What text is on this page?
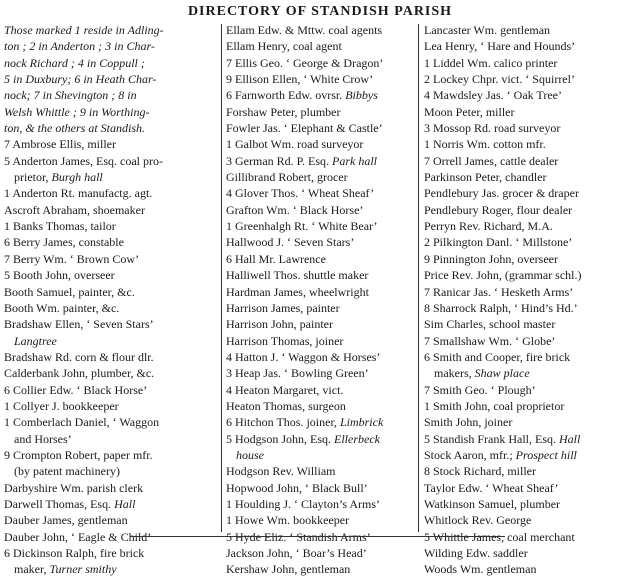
DIRECTORY OF STANDISH PARISH
Those marked 1 reside in Adling-
ton ; 2 in Anderton ; 3 in Char-
nock Richard ; 4 in Coppull ;
5 in Duxbury; 6 in Heath Char-
nock; 7 in Shevington ; 8 in
Welsh Whittle ; 9 in Worthing-
ton, & the others at Standish.
7 Ambrose Ellis, miller
5 Anderton James, Esq. coal pro-
prietor, Burgh hall
1 Anderton Rt. manufactg. agt.
Ascroft Abraham, shoemaker
1 Banks Thomas, tailor
6 Berry James, constable
7 Berry Wm. ‘ Brown Cow’
5 Booth John, overseer
Booth Samuel, painter, &c.
Booth Wm. painter, &c.
Bradshaw Ellen, ‘ Seven Stars’
Langtree
Bradshaw Rd. corn & flour dlr.
Calderbank John, plumber, &c.
6 Collier Edw. ‘ Black Horse’
1 Collyer J. bookkeeper
1 Comberlach Daniel, ‘ Waggon
and Horses’
9 Crompton Robert, paper mfr.
(by patent machinery)
Darbyshire Wm. parish clerk
Darwell Thomas, Esq. Hall
Dauber James, gentleman
Dauber John, ‘ Eagle & Child’
6 Dickinson Ralph, fire brick
maker, Turner smithy
Ellam Edw. & Mttw. coal agents
Ellam Henry, coal agent
7 Ellis Geo. ‘ George & Dragon’
9 Ellison Ellen, ‘ White Crow’
6 Farnworth Edw. ovrsr. Bibbys
Forshaw Peter, plumber
Fowler Jas. ‘ Elephant & Castle’
1 Galbot Wm. road surveyor
3 German Rd. P. Esq. Park hall
Gillibrand Robert, grocer
4 Glover Thos. ‘ Wheat Sheaf’
Grafton Wm. ‘ Black Horse’
1 Greenhalgh Rt. ‘ White Bear’
Hallwood J. ‘ Seven Stars’
6 Hall Mr. Lawrence
Halliwell Thos. shuttle maker
Hardman James, wheelwright
Harrison James, painter
Harrison John, painter
Harrison Thomas, joiner
4 Hatton J. ‘ Waggon & Horses’
3 Heap Jas. ‘ Bowling Green’
4 Heaton Margaret, vict.
Heaton Thomas, surgeon
6 Hitchon Thos. joiner, Limbrick
5 Hodgson John, Esq. Ellerbeck
house
Hodgson Rev. William
Hopwood John, ‘ Black Bull’
1 Houlding J. ‘ Clayton’s Arms’
1 Howe Wm. bookkeeper
5 Hyde Eliz. ‘ Standish Arms’
Jackson John, ‘ Boar’s Head’
Kershaw John, gentleman
Lancaster Wm. gentleman
Lea Henry, ‘ Hare and Hounds’
1 Liddel Wm. calico printer
2 Lockey Chpr. vict. ‘ Squirrel’
4 Mawdsley Jas. ‘ Oak Tree’
Moon Peter, miller
3 Mossop Rd. road surveyor
1 Norris Wm. cotton mfr.
7 Orrell James, cattle dealer
Parkinson Peter, chandler
Pendlebury Jas. grocer & draper
Pendlebury Roger, flour dealer
Perryn Rev. Richard, M.A.
2 Pilkington Danl. ‘ Millstone’
9 Pinnington John, overseer
Price Rev. John, (grammar schl.)
7 Ranicar Jas. ‘ Hesketh Arms’
8 Sharrock Ralph, ‘ Hind’s Hd.’
Sim Charles, school master
7 Smallshaw Wm. ‘ Globe’
6 Smith and Cooper, fire brick
makers, Shaw place
7 Smith Geo. ‘ Plough’
1 Smith John, coal proprietor
Smith John, joiner
5 Standish Frank Hall, Esq. Hall
Stock Aaron, mfr.; Prospect hill
8 Stock Richard, miller
Taylor Edw. ‘ Wheat Sheaf’
Watkinson Samuel, plumber
Whitlock Rev. George
5 Whittle James, coal merchant
Wilding Edw. saddler
Woods Wm. gentleman
